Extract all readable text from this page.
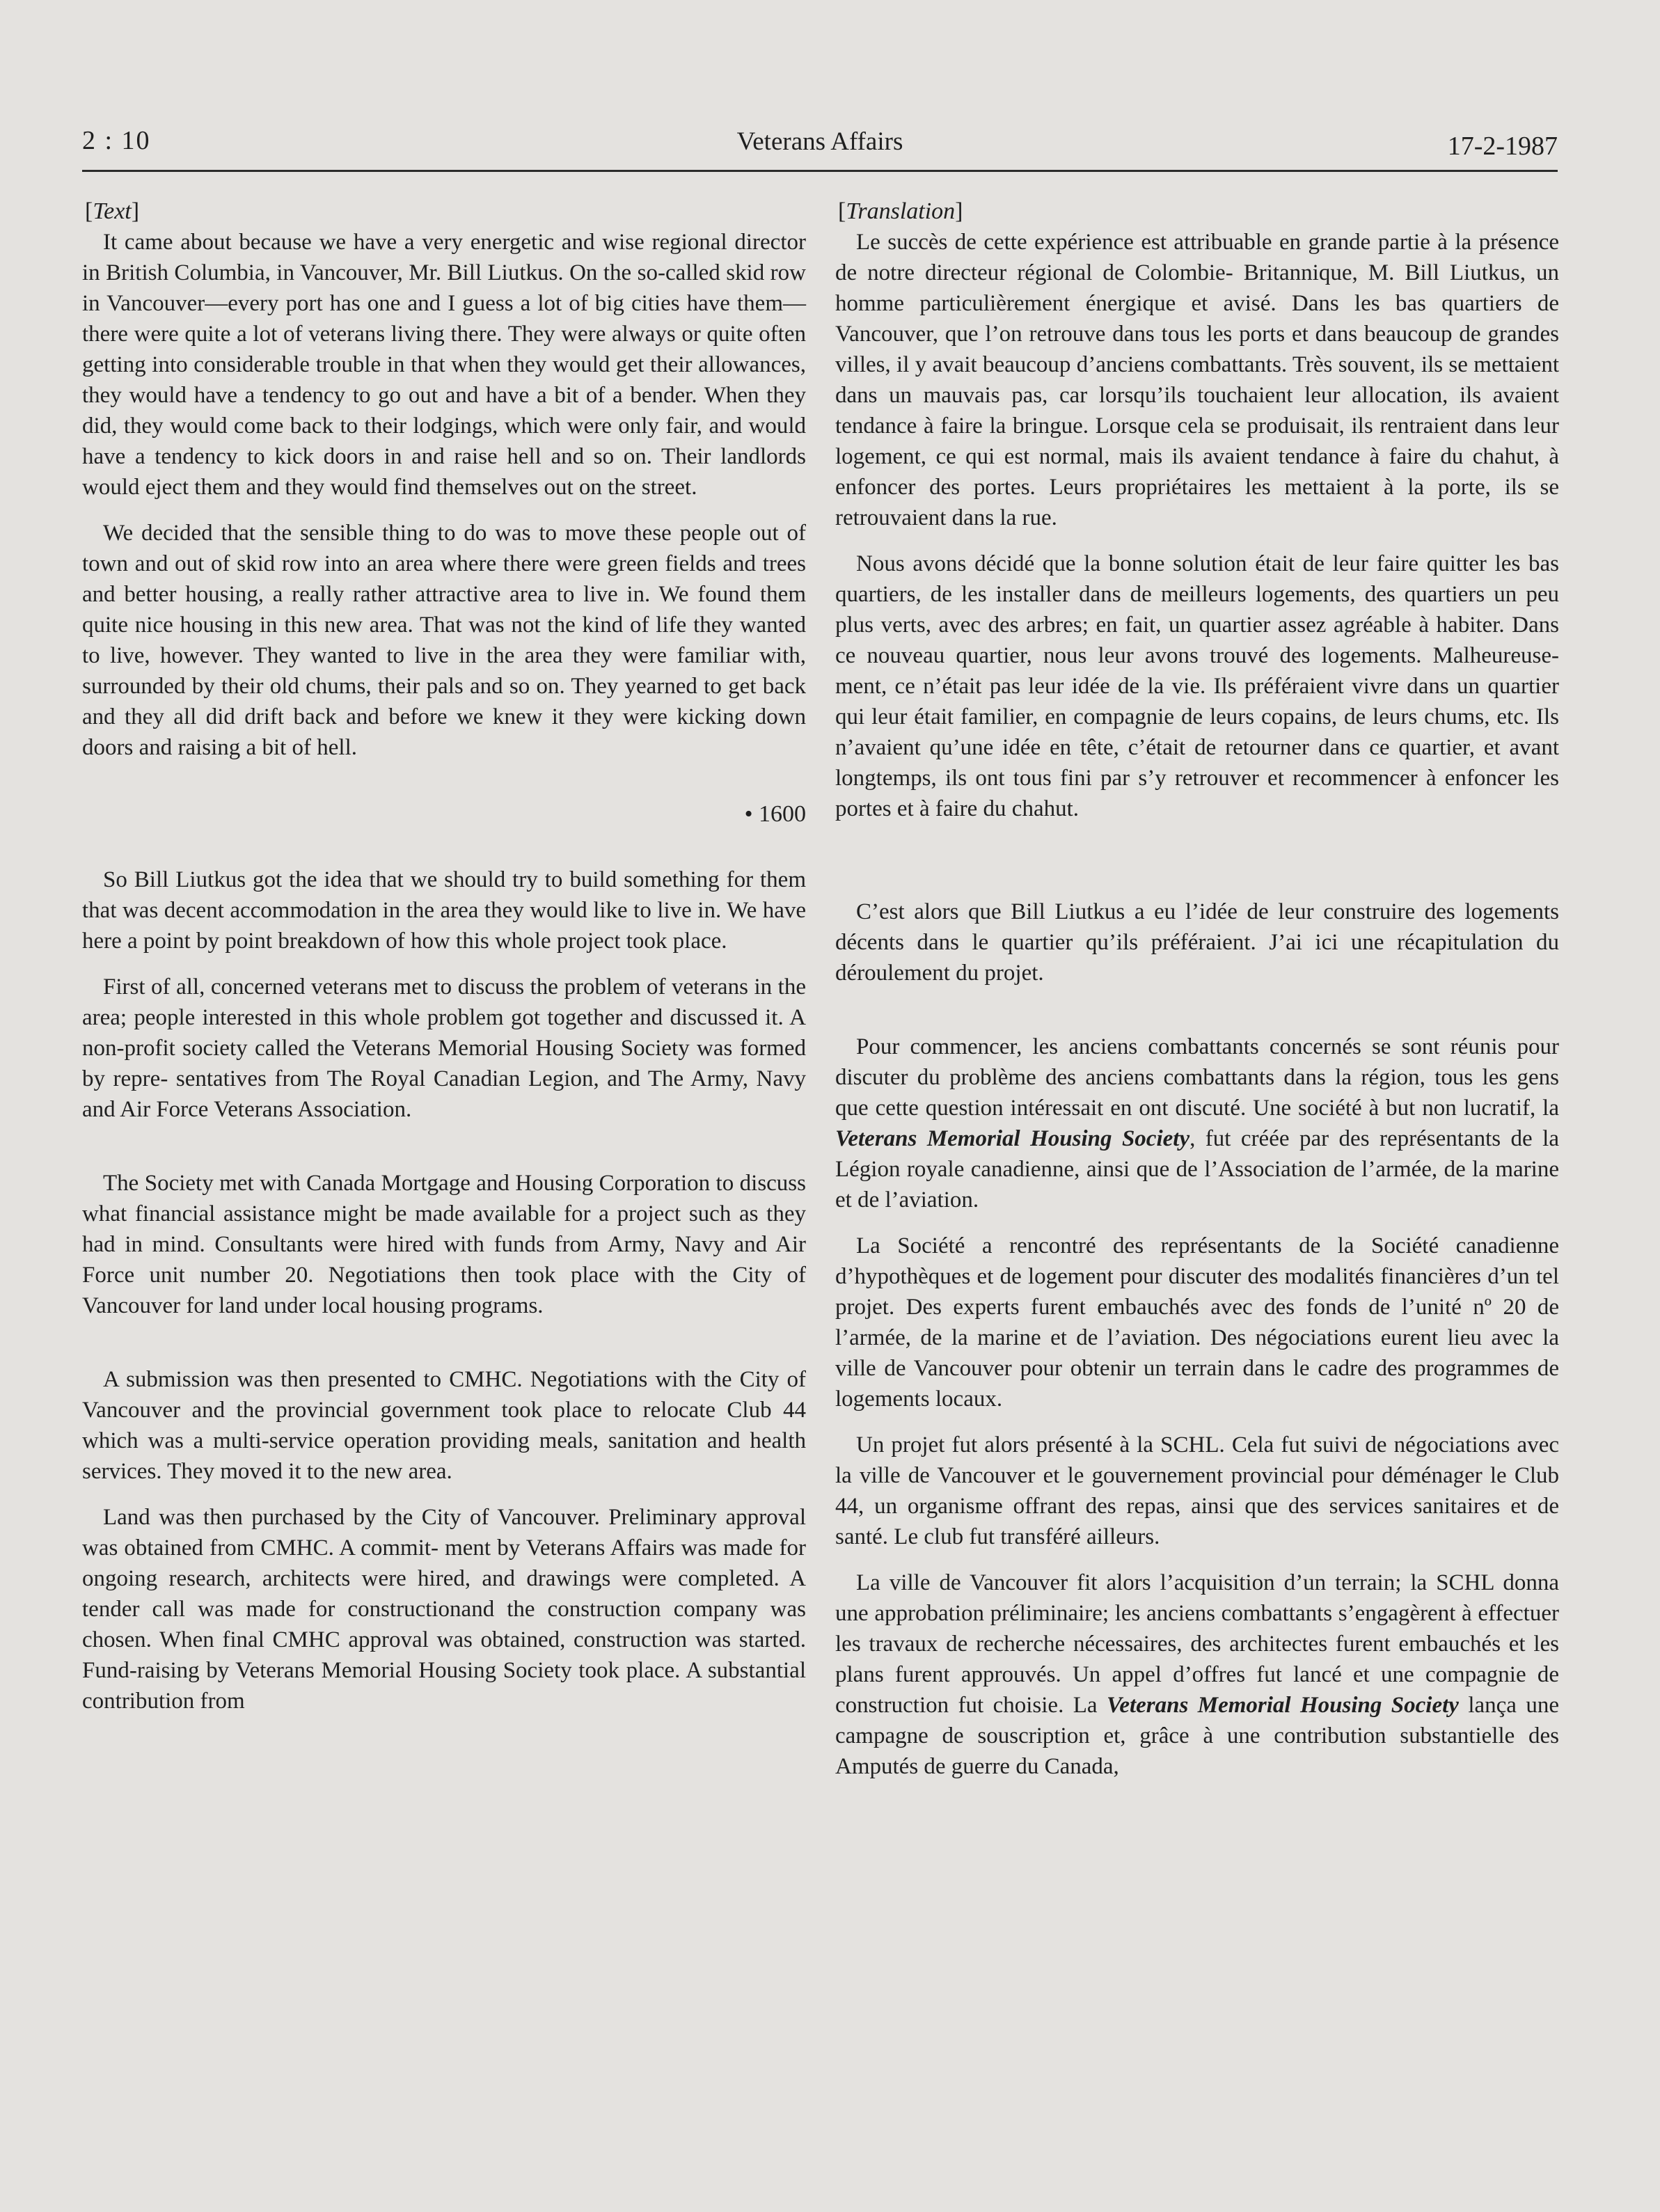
2 : 10	Veterans Affairs	17-2-1987
[Text]

It came about because we have a very energetic and wise regional director in British Columbia, in Vancouver, Mr. Bill Liutkus. On the so-called skid row in Vancouver—every port has one and I guess a lot of big cities have them—there were quite a lot of veterans living there. They were always or quite often getting into considerable trouble in that when they would get their allowances, they would have a tendency to go out and have a bit of a bender. When they did, they would come back to their lodgings, which were only fair, and would have a tendency to kick doors in and raise hell and so on. Their landlords would eject them and they would find themselves out on the street.

We decided that the sensible thing to do was to move these people out of town and out of skid row into an area where there were green fields and trees and better housing, a really rather attractive area to live in. We found them quite nice housing in this new area. That was not the kind of life they wanted to live, however. They wanted to live in the area they were familiar with, surrounded by their old chums, their pals and so on. They yearned to get back and they all did drift back and before we knew it they were kicking down doors and raising a bit of hell.

• 1600

So Bill Liutkus got the idea that we should try to build something for them that was decent accommodation in the area they would like to live in. We have here a point by point breakdown of how this whole project took place.

First of all, concerned veterans met to discuss the problem of veterans in the area; people interested in this whole problem got together and discussed it. A non-profit society called the Veterans Memorial Housing Society was formed by repre- sentatives from The Royal Canadian Legion, and The Army, Navy and Air Force Veterans Association.

The Society met with Canada Mortgage and Housing Corporation to discuss what financial assistance might be made available for a project such as they had in mind. Consultants were hired with funds from Army, Navy and Air Force unit number 20. Negotiations then took place with the City of Vancouver for land under local housing programs.

A submission was then presented to CMHC. Negotiations with the City of Vancouver and the provincial government took place to relocate Club 44 which was a multi-service operation providing meals, sanitation and health services. They moved it to the new area.

Land was then purchased by the City of Vancouver. Preliminary approval was obtained from CMHC. A commit- ment by Veterans Affairs was made for ongoing research, architects were hired, and drawings were completed. A tender call was made for constructionand the construction company was chosen. When final CMHC approval was obtained, construction was started. Fund-raising by Veterans Memorial Housing Society took place. A substantial contribution from

[Translation]

Le succès de cette expérience est attribuable en grande partie à la présence de notre directeur régional de Colombie- Britannique, M. Bill Liutkus, un homme particulièrement énergique et avisé. Dans les bas quartiers de Vancouver, que l’on retrouve dans tous les ports et dans beaucoup de grandes villes, il y avait beaucoup d’anciens combattants. Très souvent, ils se mettaient dans un mauvais pas, car lorsqu’ils touchaient leur allocation, ils avaient tendance à faire la bringue. Lorsque cela se produisait, ils rentraient dans leur logement, ce qui est normal, mais ils avaient tendance à faire du chahut, à enfoncer des portes. Leurs propriétaires les mettaient à la porte, ils se retrouvaient dans la rue.

Nous avons décidé que la bonne solution était de leur faire quitter les bas quartiers, de les installer dans de meilleurs logements, des quartiers un peu plus verts, avec des arbres; en fait, un quartier assez agréable à habiter. Dans ce nouveau quartier, nous leur avons trouvé des logements. Malheureuse- ment, ce n’était pas leur idée de la vie. Ils préféraient vivre dans un quartier qui leur était familier, en compagnie de leurs copains, de leurs chums, etc. Ils n’avaient qu’une idée en tête, c’était de retourner dans ce quartier, et avant longtemps, ils ont tous fini par s’y retrouver et recommencer à enfoncer les portes et à faire du chahut.

C’est alors que Bill Liutkus a eu l’idée de leur construire des logements décents dans le quartier qu’ils préféraient. J’ai ici une récapitulation du déroulement du projet.

Pour commencer, les anciens combattants concernés se sont réunis pour discuter du problème des anciens combattants dans la région, tous les gens que cette question intéressait en ont discuté. Une société à but non lucratif, la Veterans Memorial Housing Society, fut créée par des représentants de la Légion royale canadienne, ainsi que de l’Association de l’armée, de la marine et de l’aviation.

La Société a rencontré des représentants de la Société canadienne d’hypothèques et de logement pour discuter des modalités financières d’un tel projet. Des experts furent embauchés avec des fonds de l’unité nº 20 de l’armée, de la marine et de l’aviation. Des négociations eurent lieu avec la ville de Vancouver pour obtenir un terrain dans le cadre des programmes de logements locaux.

Un projet fut alors présenté à la SCHL. Cela fut suivi de négociations avec la ville de Vancouver et le gouvernement provincial pour déménager le Club 44, un organisme offrant des repas, ainsi que des services sanitaires et de santé. Le club fut transféré ailleurs.

La ville de Vancouver fit alors l’acquisition d’un terrain; la SCHL donna une approbation préliminaire; les anciens combattants s’engagèrent à effectuer les travaux de recherche nécessaires, des architectes furent embauchés et les plans furent approuvés. Un appel d’offres fut lancé et une compagnie de construction fut choisie. La Veterans Memorial Housing Society lança une campagne de souscription et, grâce à une contribution substantielle des Amputés de guerre du Canada,
